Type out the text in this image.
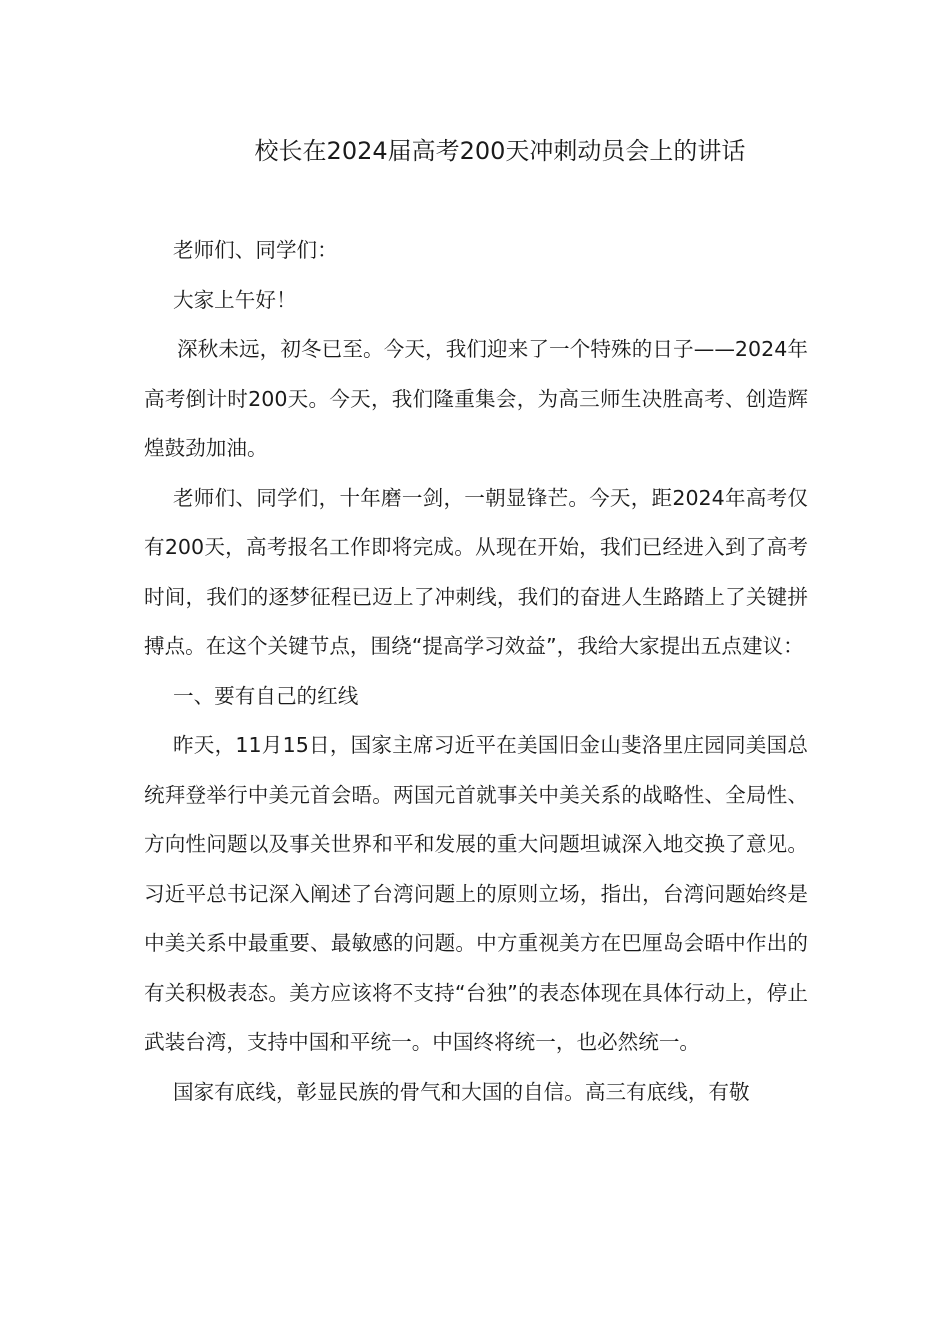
校长在2024届高考200天冲刺动员会上的讲话

老师们、同学们：

大家上午好！

深秋未远，初冬已至。今天，我们迎来了一个特殊的日子——2024年高考倒计时200天。今天，我们隆重集会，为高三师生决胜高考、创造辉煌鼓劲加油。

老师们、同学们，十年磨一剑，一朝显锋芒。今天，距2024年高考仅有200天，高考报名工作即将完成。从现在开始，我们已经进入到了高考时间，我们的逐梦征程已迈上了冲刺线，我们的奋进人生路踏上了关键拼搏点。在这个关键节点，围绕“提高学习效益”，我给大家提出五点建议：

一、要有自己的红线

昨天，11月15日，国家主席习近平在美国旧金山斐洛里庄园同美国总统拜登举行中美元首会晤。两国元首就事关中美关系的战略性、全局性、方向性问题以及事关世界和平和发展的重大问题坦诚深入地交换了意见。习近平总书记深入阐述了台湾问题上的原则立场，指出，台湾问题始终是中美关系中最重要、最敏感的问题。中方重视美方在巴厘岛会晤中作出的有关积极表态。美方应该将不支持“台独”的表态体现在具体行动上，停止武装台湾，支持中国和平统一。中国终将统一，也必然统一。

国家有底线，彰显民族的骨气和大国的自信。高三有底线，有敬
